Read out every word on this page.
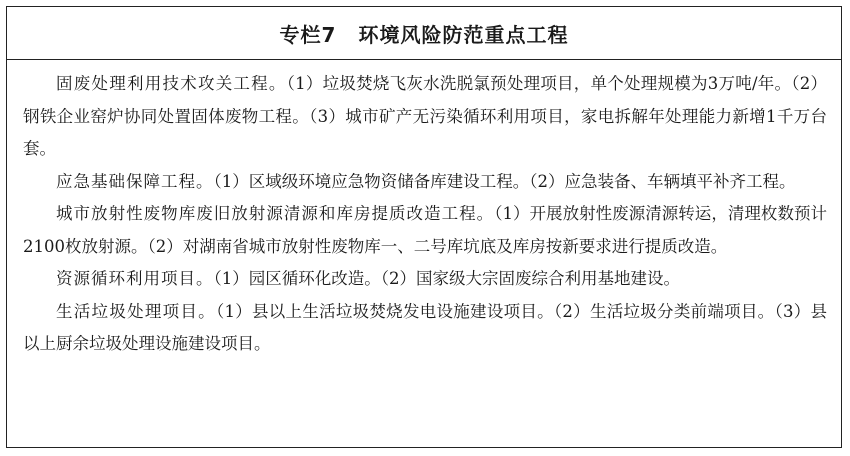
专栏7 环境风险防范重点工程

固废处理利用技术攻关工程。（1）垃圾焚烧飞灰水洗脱氯预处理项目，单个处理规模为3万吨/年。（2）钢铁企业窑炉协同处置固体废物工程。（3）城市矿产无污染循环利用项目，家电拆解年处理能力新增1千万台套。

应急基础保障工程。（1）区域级环境应急物资储备库建设工程。（2）应急装备、车辆填平补齐工程。

城市放射性废物库废旧放射源清源和库房提质改造工程。（1）开展放射性废源清源转运，清理枚数预计2100枚放射源。（2）对湖南省城市放射性废物库一、二号库坑底及库房按新要求进行提质改造。

资源循环利用项目。（1）园区循环化改造。（2）国家级大宗固废综合利用基地建设。

生活垃圾处理项目。（1）县以上生活垃圾焚烧发电设施建设项目。（2）生活垃圾分类前端项目。（3）县以上厨余垃圾处理设施建设项目。
